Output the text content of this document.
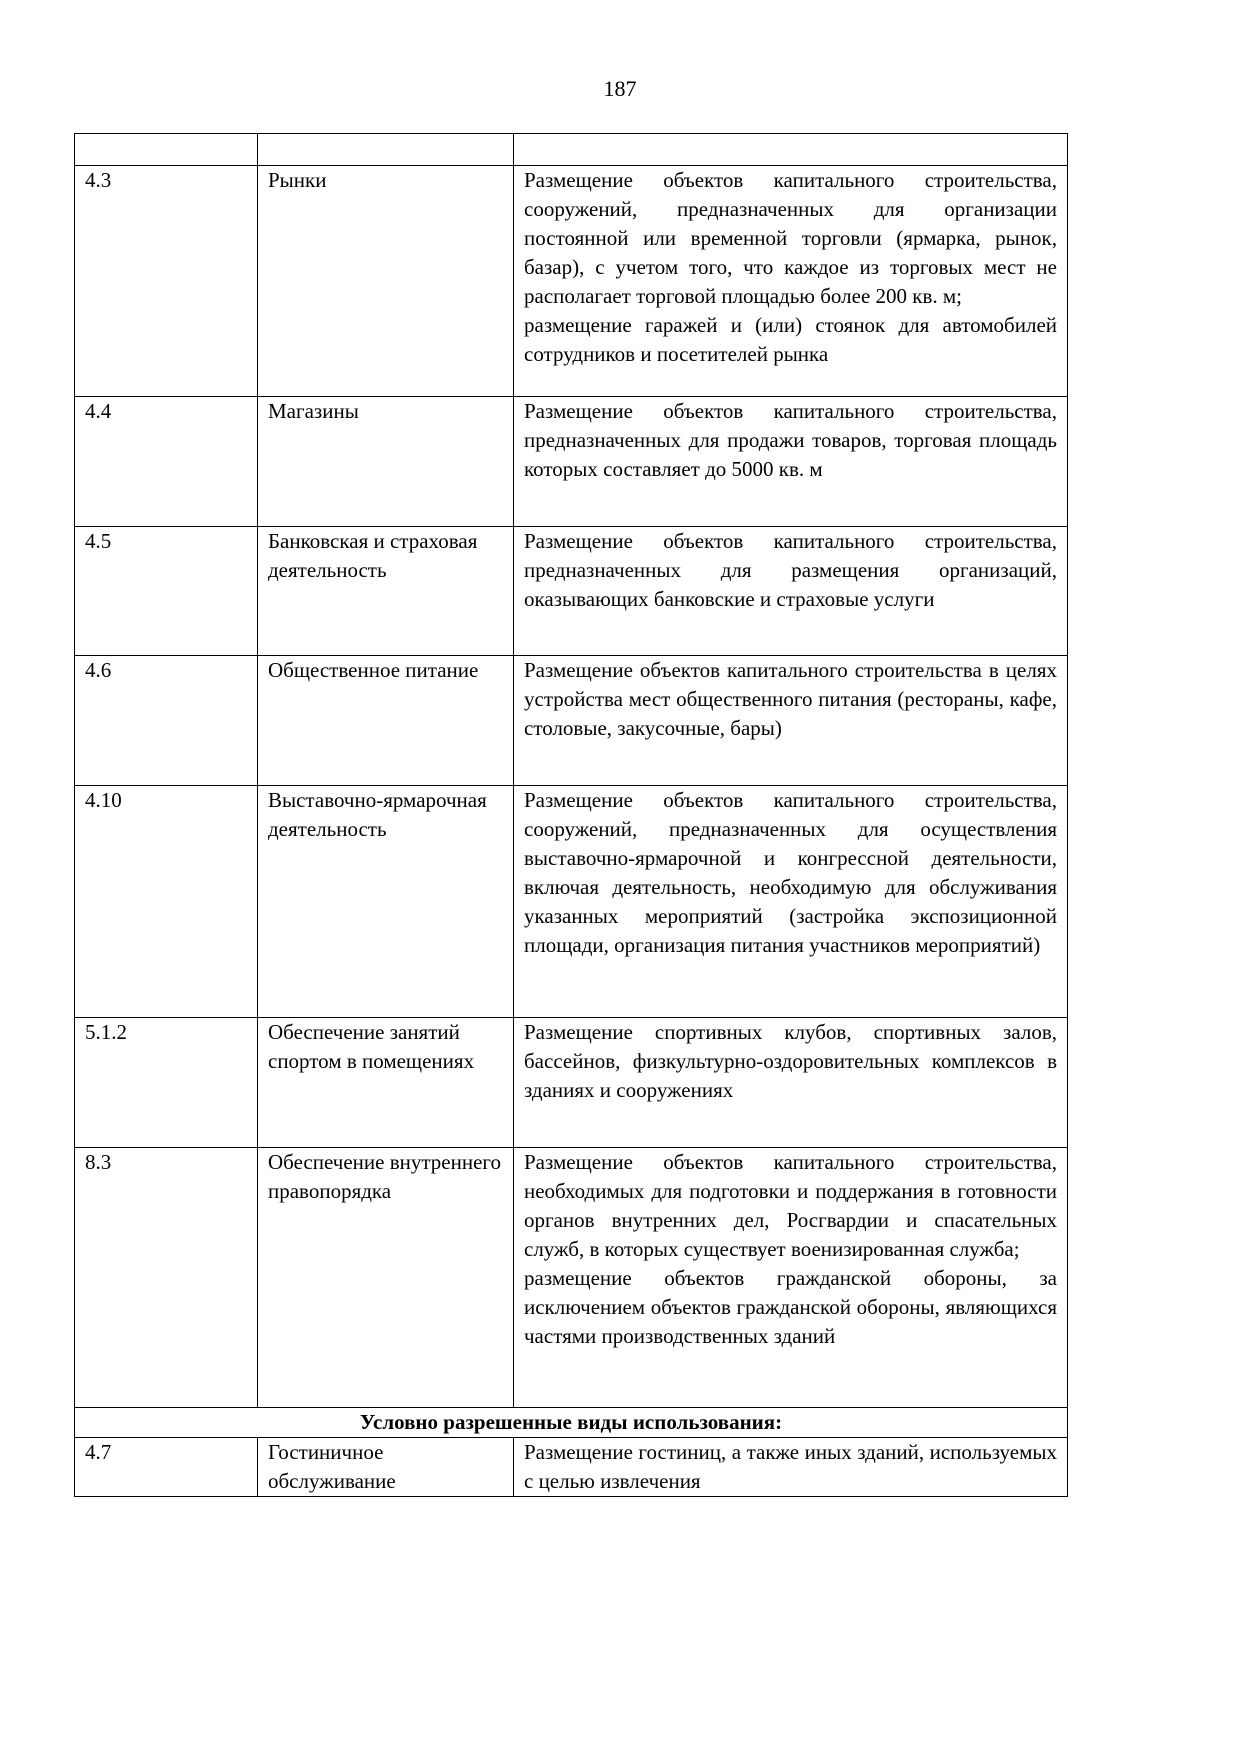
187

4.3	Рынки	Размещение объектов капитального строительства, сооружений, предназначенных для организации постоянной или временной торговли (ярмарка, рынок, базар), с учетом того, что каждое из торговых мест не располагает торговой площадью более 200 кв. м;

размещение гаражей и (или) стоянок для автомобилей сотрудников и посетителей рынка

4.4	Магазины	Размещение объектов капитального строительства, предназначенных для продажи товаров, торговая площадь которых составляет до 5000 кв. м

4.5	Банковская и страховая деятельность	Размещение объектов капитального строительства, предназначенных для размещения организаций, оказывающих банковские и страховые услуги

4.6	Общественное питание	Размещение объектов капитального строительства в целях устройства мест общественного питания (рестораны, кафе, столовые, закусочные, бары)

4.10	Выставочно-ярмарочная деятельность	Размещение объектов капитального строительства, сооружений, предназначенных для осуществления выставочно-ярмарочной и конгрессной деятельности, включая деятельность, необходимую для обслуживания указанных мероприятий (застройка экспозиционной площади, организация питания участников мероприятий)

5.1.2	Обеспечение занятий спортом в помещениях	Размещение спортивных клубов, спортивных залов, бассейнов, физкультурно-оздоровительных комплексов в зданиях и сооружениях

8.3	Обеспечение внутреннего правопорядка	Размещение объектов капитального строительства, необходимых для подготовки и поддержания в готовности органов внутренних дел, Росгвардии и спасательных служб, в которых существует военизированная служба;

размещение объектов гражданской обороны, за исключением объектов гражданской обороны, являющихся частями производственных зданий

Условно разрешенные виды использования:		
4.7	Гостиничное обслуживание	Размещение гостиниц, а также иных зданий, используемых с целью извлечения
